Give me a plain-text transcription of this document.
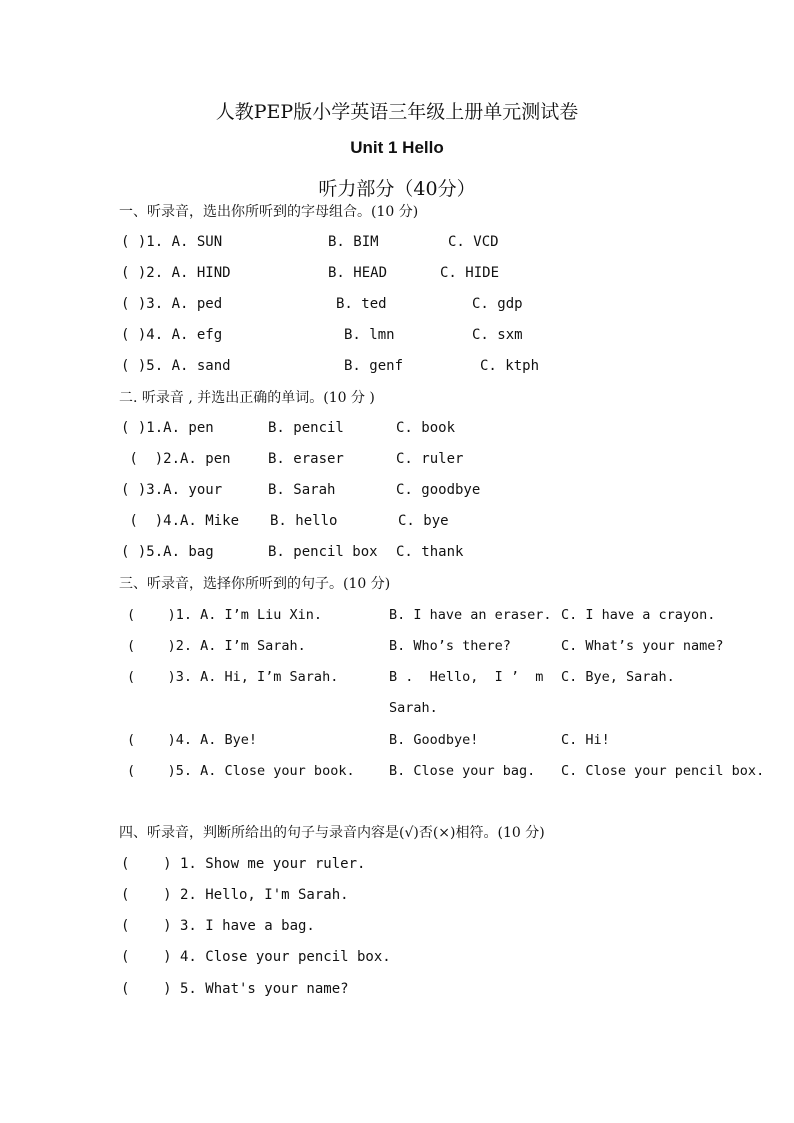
人教PEP版小学英语三年级上册单元测试卷
Unit 1 Hello
听力部分（40分）
一、听录音，选出你所听到的字母组合。(10 分)
( )1. A. SUN	B. BIM	C. VCD
( )2. A. HIND	B. HEAD	C. HIDE
( )3. A. ped	B. ted	C. gdp
( )4. A. efg	B. lmn	C. sxm
( )5. A. sand	B. genf	C. ktph
二. 听录音 , 并选出正确的单词。(10 分 )
( )1.A. pen	B. pencil	C. book
(  )2.A. pen	B. eraser	C. ruler
( )3.A. your	B. Sarah	C. goodbye
(  )4.A. Mike B. hello	C. bye
( )5.A. bag	B. pencil box C. thank
三、听录音，选择你所听到的句子。(10 分)
(    )1. A. I’m Liu Xin.	B. I have an eraser. C. I have a crayon.
(    )2. A. I’m Sarah.	B. Who’s there?	C. What’s your name?
(    )3. A. Hi, I’m Sarah.	B .  Hello,  I ’  m C. Bye, Sarah.
Sarah.
(    )4. A. Bye!	B. Goodbye!	C. Hi!
(    )5. A. Close your book.	B. Close your bag. C. Close your pencil box.
四、听录音，判断所给出的句子与录音内容是(√)否(×)相符。(10 分)
(    ) 1. Show me your ruler.
(    ) 2. Hello, I'm Sarah.
(    ) 3. I have a bag.
(    ) 4. Close your pencil box.
(    ) 5. What's your name?
